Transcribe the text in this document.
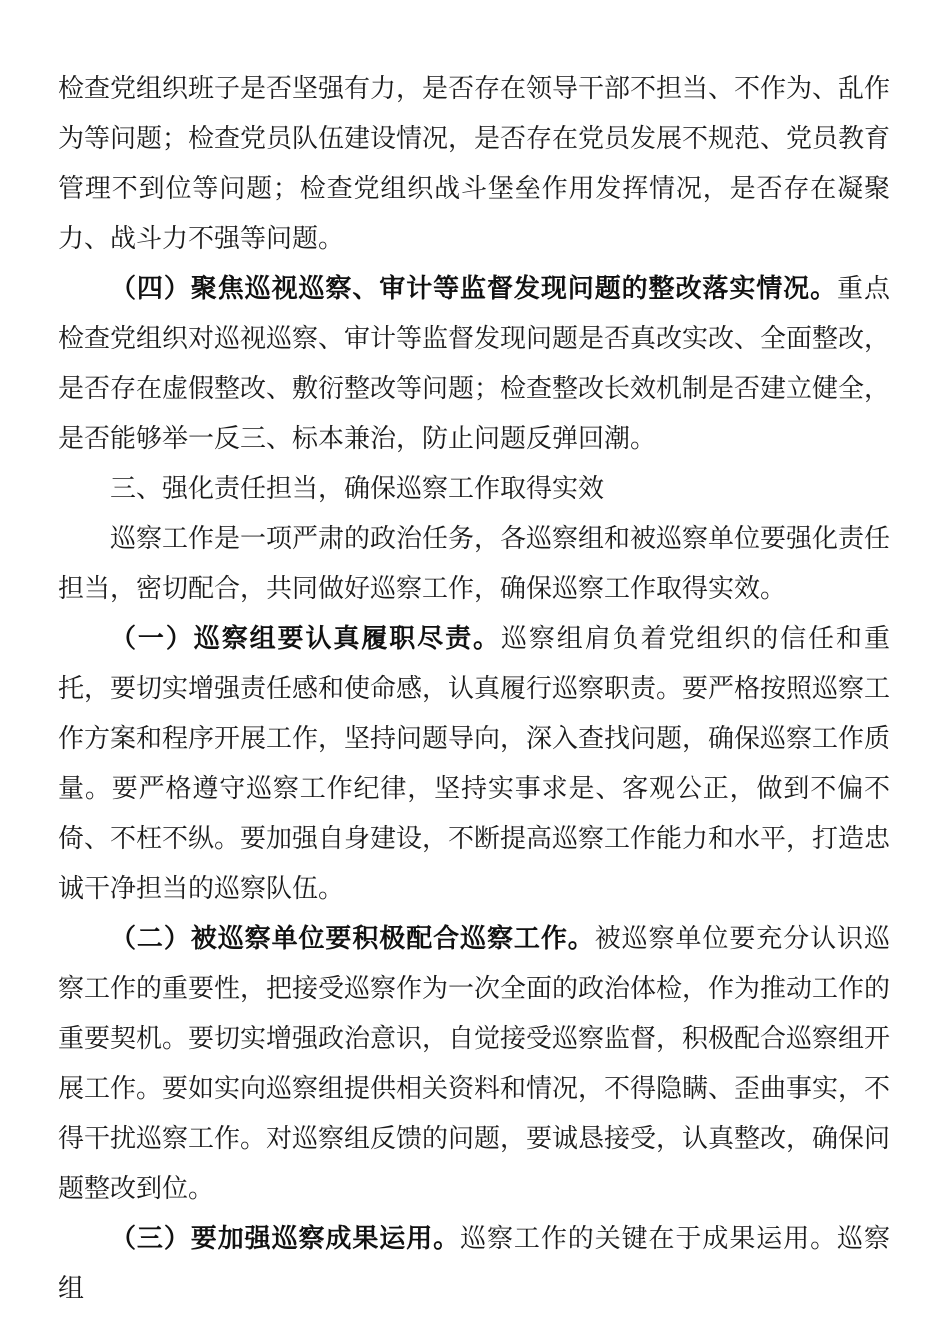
检查党组织班子是否坚强有力，是否存在领导干部不担当、不作为、乱作为等问题；检查党员队伍建设情况，是否存在党员发展不规范、党员教育管理不到位等问题；检查党组织战斗堡垒作用发挥情况，是否存在凝聚力、战斗力不强等问题。

（四）聚焦巡视巡察、审计等监督发现问题的整改落实情况。重点检查党组织对巡视巡察、审计等监督发现问题是否真改实改、全面整改，是否存在虚假整改、敷衍整改等问题；检查整改长效机制是否建立健全，是否能够举一反三、标本兼治，防止问题反弹回潮。

三、强化责任担当，确保巡察工作取得实效

巡察工作是一项严肃的政治任务，各巡察组和被巡察单位要强化责任担当，密切配合，共同做好巡察工作，确保巡察工作取得实效。

（一）巡察组要认真履职尽责。巡察组肩负着党组织的信任和重托，要切实增强责任感和使命感，认真履行巡察职责。要严格按照巡察工作方案和程序开展工作，坚持问题导向，深入查找问题，确保巡察工作质量。要严格遵守巡察工作纪律，坚持实事求是、客观公正，做到不偏不倚、不枉不纵。要加强自身建设，不断提高巡察工作能力和水平，打造忠诚干净担当的巡察队伍。

（二）被巡察单位要积极配合巡察工作。被巡察单位要充分认识巡察工作的重要性，把接受巡察作为一次全面的政治体检，作为推动工作的重要契机。要切实增强政治意识，自觉接受巡察监督，积极配合巡察组开展工作。要如实向巡察组提供相关资料和情况，不得隐瞒、歪曲事实，不得干扰巡察工作。对巡察组反馈的问题，要诚恳接受，认真整改，确保问题整改到位。

（三）要加强巡察成果运用。巡察工作的关键在于成果运用。巡察组
